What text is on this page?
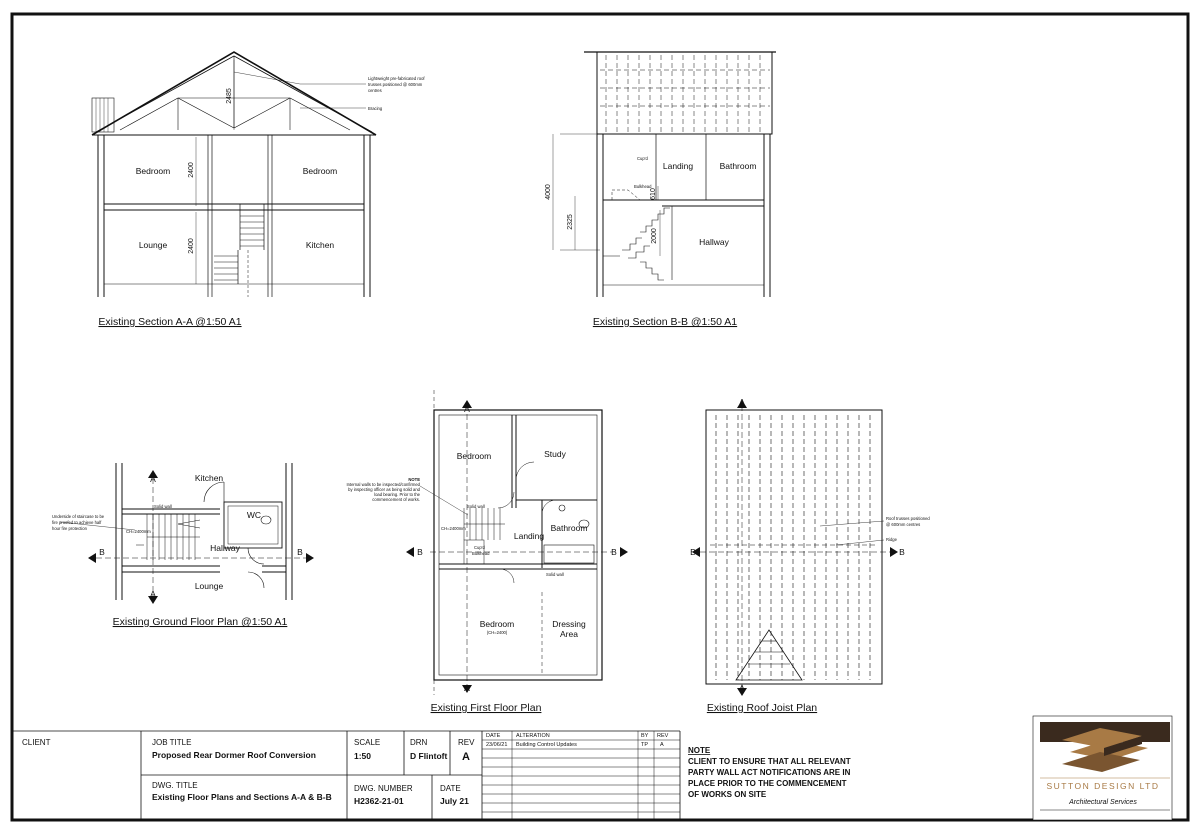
Bedroom	Bedroom
Lounge	Kitchen
2485
2400
2400
Lightweight pre-fabricated roof
trusses positioned @ 600mm
centres
Bracing
Existing Section A-A @1:50 A1
Landing	Bathroom
Hallway
Cup'd
Bulkhead
4000
2325
610
2000
Existing Section B-B @1:50 A1
Kitchen
WC
Hallway
Lounge
A
A
B	B
Underside of staircase to be
fire proofed to achieve half
hour fire protection
Solid wall
CH=2400mm
Existing Ground Floor Plan @1:50 A1
Bedroom	Study
Landing
Bathroom
Bedroom	Dressing
Area
NOTE
Internal walls to be inspected/confirmed
by inspecting officer as being solid and
load bearing. Prior to the
commencement of works.
Solid wall
Solid wall
CH=2400mm
(CH=2400)
Cup'd
Bulkhead
A
A
B	B
Existing First Floor Plan
A
A
B	B
Roof trusses positioned
@ 600mm centres
Ridge
Existing Roof Joist Plan
CLIENT	JOB TITLE
Proposed Rear Dormer Roof Conversion
SCALE
1:50
DRN
D Flintoft
REV
A
DWG. TITLE
Existing Floor Plans and Sections A-A & B-B
DWG. NUMBER
H2362-21-01
DATE
July 21
DATE	ALTERATION	BY REV
23/06/21 Building Control Updates	TP A
NOTE
CLIENT TO ENSURE THAT ALL RELEVANT
PARTY WALL ACT NOTIFICATIONS ARE IN
PLACE PRIOR TO THE COMMENCEMENT
OF WORKS ON SITE
SUTTON DESIGN LTD
Architectural Services
